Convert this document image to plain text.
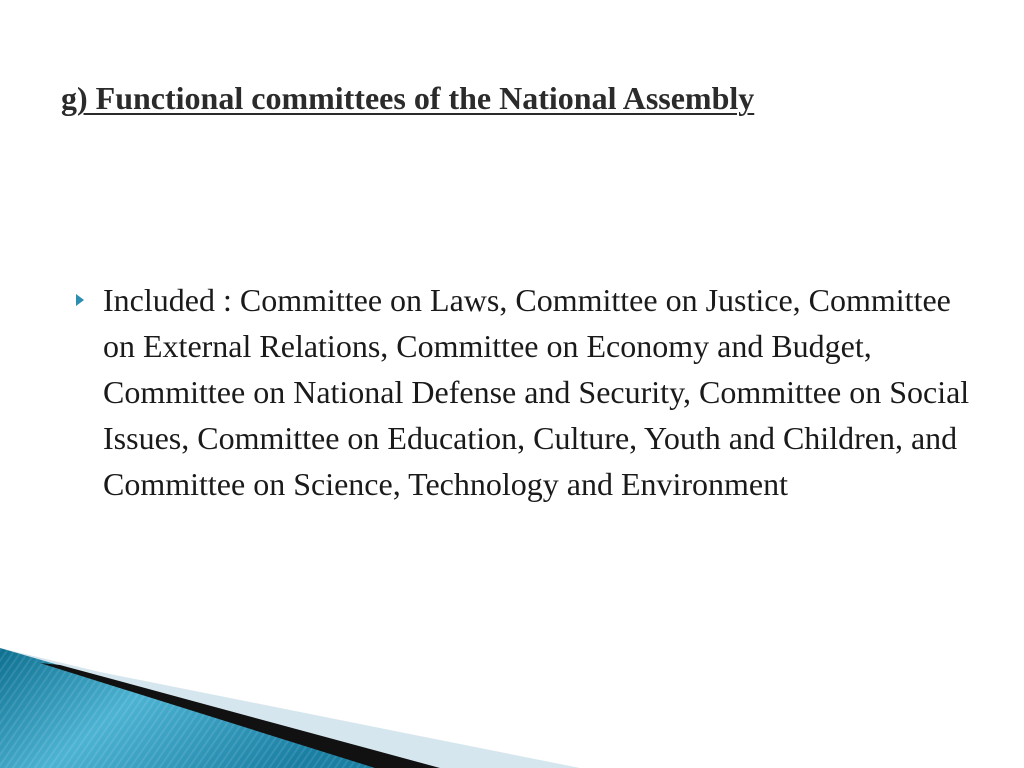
g) Functional committees of the National Assembly
Included : Committee on Laws, Committee on Justice, Committee on External Relations, Committee on Economy and Budget, Committee on National Defense and Security, Committee on Social Issues, Committee on Education, Culture, Youth and Children, and Committee on Science, Technology and Environment
